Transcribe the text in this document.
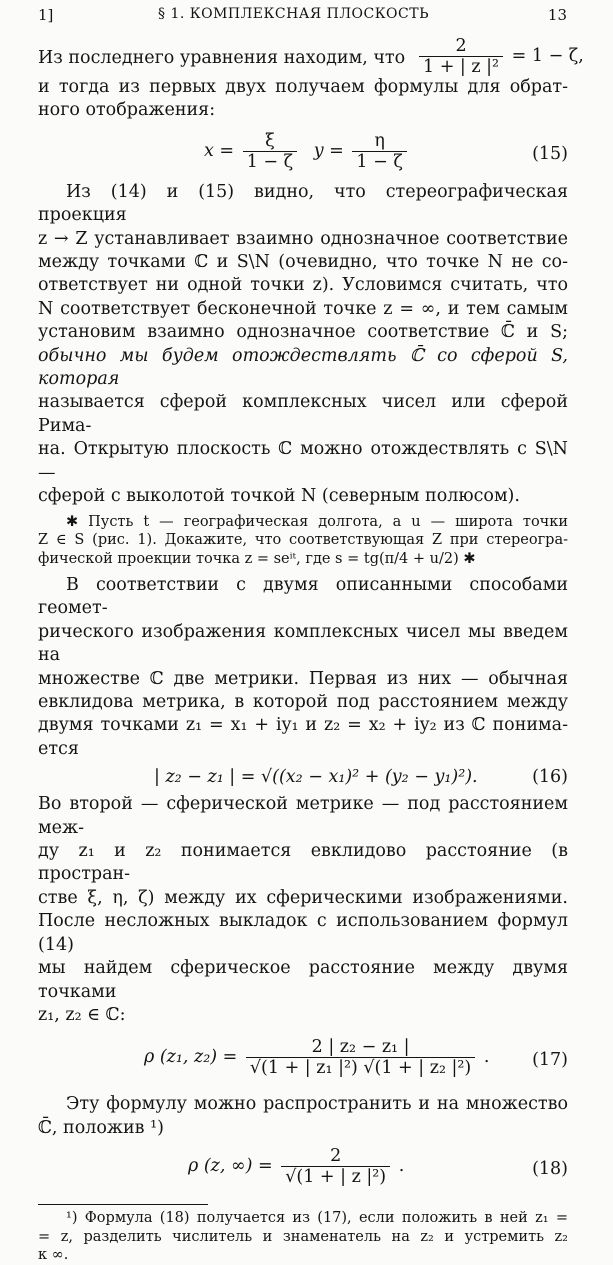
1]	§ 1. КОМПЛЕКСНАЯ ПЛОСКОСТЬ	13
Из последнего уравнения находим, что $\frac{2}{\text{1 + | z |²}} = 1 - \zeta$,

и тогда из первых двух получаем формулы для обрат-

ного отображения:

$x = \frac{\xi}{1 - \zeta}$ $y = \frac{\eta}{1 - \zeta}$	(15)

Из (14) и (15) видно, что стереографическая проекция

z → Z устанавливает взаимно однозначное соответствие

между точками ℂ и S\N (очевидно, что точке N не со-

ответствует ни одной точки z). Условимся считать, что

N соответствует бесконечной точке z = ∞, и тем самым

установим взаимно однозначное соответствие ℂ̄ и S;

обычно мы будем отождествлять ℂ̄ со сферой S, которая

называется сферой комплексных чисел или сферой Рима-

на. Открытую плоскость ℂ можно отождествлять с S\N —

сферой с выколотой точкой N (северным полюсом).

✱ Пусть t — географическая долгота, а u — широта точки

Z ∈ S (рис. 1). Докажите, что соответствующая Z при стереогра-

фической проекции точка z = seⁱᵗ, где s = tg(π/4 + u/2) ✱

В соответствии с двумя описанными способами геомет-

рического изображения комплексных чисел мы введем на

множестве ℂ две метрики. Первая из них — обычная

евклидова метрика, в которой под расстоянием между

двумя точками z₁ = x₁ + iy₁ и z₂ = x₂ + iy₂ из ℂ понима-

ется

| z₂ − z₁ | = √((x₂ − x₁)² + (y₂ − y₁)²).	(16)

Во второй — сферической метрике — под расстоянием меж-

ду z₁ и z₂ понимается евклидово расстояние (в простран-

стве ξ, η, ζ) между их сферическими изображениями.

После несложных выкладок с использованием формул (14)

мы найдем сферическое расстояние между двумя точками

z₁, z₂ ∈ ℂ:

ρ (z₁, $z_2) = \frac{\text{2 | z₂ − z₁ |}}{\text{√(1 + | z₁ |²) √(1 + | z₂ |²)}}$ . (17)

Эту формулу можно распространить и на множество

ℂ̄, положив ¹)

ρ (z, ∞) = $\frac{2}{\text{√(1 + | z |²)}}$ .	(18)

¹) Формула (18) получается из (17), если положить в ней z₁ =

= z, разделить числитель и знаменатель на z₂ и устремить z₂

к ∞.
